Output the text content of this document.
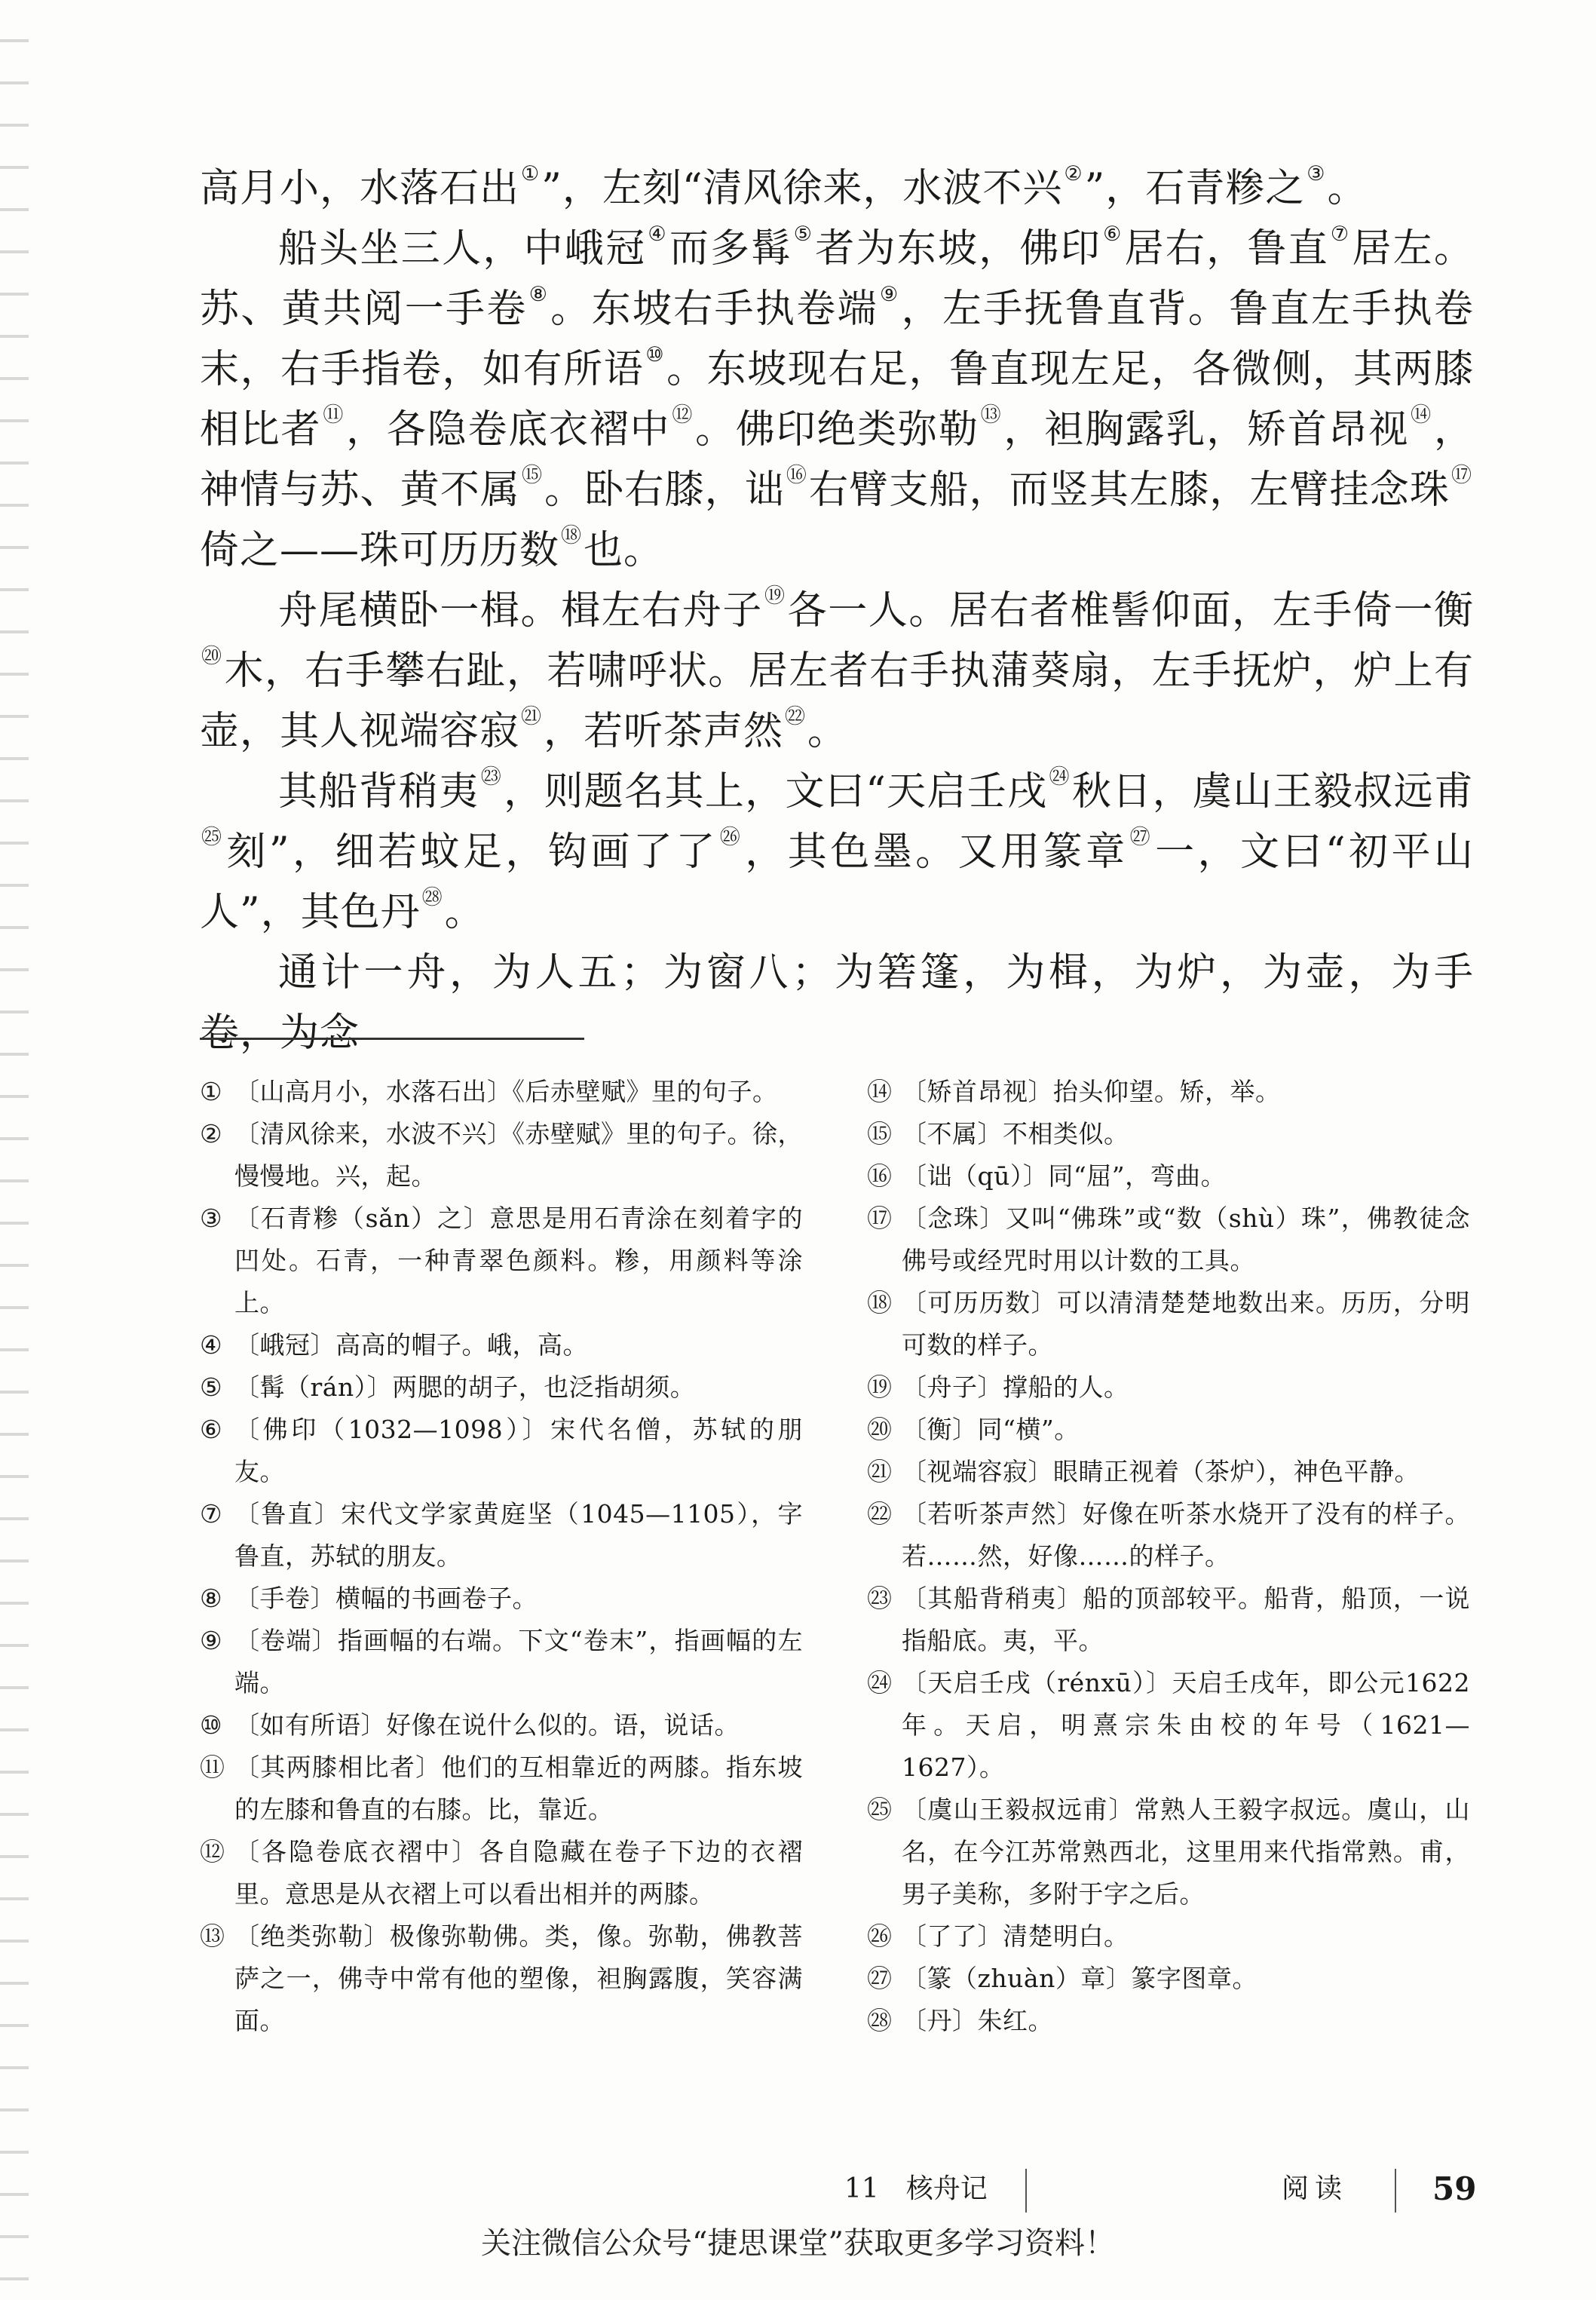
高月小，水落石出①”，左刻“清风徐来，水波不兴②”，石青糁之③。

船头坐三人，中峨冠④而多髯⑤者为东坡，佛印⑥居右，鲁直⑦居左。苏、黄共阅一手卷⑧。东坡右手执卷端⑨，左手抚鲁直背。鲁直左手执卷末，右手指卷，如有所语⑩。东坡现右足，鲁直现左足，各微侧，其两膝相比者⑪，各隐卷底衣褶中⑫。佛印绝类弥勒⑬，袒胸露乳，矫首昂视⑭，神情与苏、黄不属⑮。卧右膝，诎⑯右臂支船，而竖其左膝，左臂挂念珠⑰倚之——珠可历历数⑱也。

舟尾横卧一楫。楫左右舟子⑲各一人。居右者椎髻仰面，左手倚一衡⑳木，右手攀右趾，若啸呼状。居左者右手执蒲葵扇，左手抚炉，炉上有壶，其人视端容寂$^㉑$，若听茶声然$^㉒$。

其船背稍夷$^㉓$，则题名其上，文曰“天启壬戌$^㉔$秋日，虞山王毅叔远甫$^㉕$刻”，细若蚊足，钩画了了$^㉖$，其色墨。又用篆章$^㉗$一，文曰“初平山人”，其色丹$^㉘$。

通计一舟，为人五；为窗八；为箬篷，为楫，为炉，为壶，为手卷，为念

① 〔山高月小，水落石出〕《后赤壁赋》里的句子。
② 〔清风徐来，水波不兴〕《赤壁赋》里的句子。徐，慢慢地。兴，起。
③ 〔石青糁（sǎn）之〕意思是用石青涂在刻着字的凹处。石青，一种青翠色颜料。糁，用颜料等涂上。
④ 〔峨冠〕高高的帽子。峨，高。
⑤ 〔髯（rán）〕两腮的胡子，也泛指胡须。
⑥ 〔佛印（1032—1098）〕宋代名僧，苏轼的朋友。
⑦ 〔鲁直〕宋代文学家黄庭坚（1045—1105），字鲁直，苏轼的朋友。
⑧ 〔手卷〕横幅的书画卷子。
⑨ 〔卷端〕指画幅的右端。下文“卷末”，指画幅的左端。
⑩ 〔如有所语〕好像在说什么似的。语，说话。
⑪ 〔其两膝相比者〕他们的互相靠近的两膝。指东坡的左膝和鲁直的右膝。比，靠近。
⑫ 〔各隐卷底衣褶中〕各自隐藏在卷子下边的衣褶里。意思是从衣褶上可以看出相并的两膝。
⑬ 〔绝类弥勒〕极像弥勒佛。类，像。弥勒，佛教菩萨之一，佛寺中常有他的塑像，袒胸露腹，笑容满面。
⑭ 〔矫首昂视〕抬头仰望。矫，举。
⑮ 〔不属〕不相类似。
⑯ 〔诎（qū）〕同“屈”，弯曲。
⑰ 〔念珠〕又叫“佛珠”或“数（shù）珠”，佛教徒念佛号或经咒时用以计数的工具。
⑱ 〔可历历数〕可以清清楚楚地数出来。历历，分明可数的样子。
⑲ 〔舟子〕撑船的人。
⑳ 〔衡〕同“横”。
㉑ 〔视端容寂〕眼睛正视着（茶炉），神色平静。
㉒ 〔若听茶声然〕好像在听茶水烧开了没有的样子。若……然，好像……的样子。
㉓ 〔其船背稍夷〕船的顶部较平。船背，船顶，一说指船底。夷，平。
㉔ 〔天启壬戌（rénxū）〕天启壬戌年，即公元1622年。天启，明熹宗朱由校的年号（1621—1627）。
㉕ 〔虞山王毅叔远甫〕常熟人王毅字叔远。虞山，山名，在今江苏常熟西北，这里用来代指常熟。甫，男子美称，多附于字之后。
㉖ 〔了了〕清楚明白。
㉗ 〔篆（zhuàn）章〕篆字图章。
㉘ 〔丹〕朱红。
11　核舟记	阅读	59
关注微信公众号“捷思课堂”获取更多学习资料！
